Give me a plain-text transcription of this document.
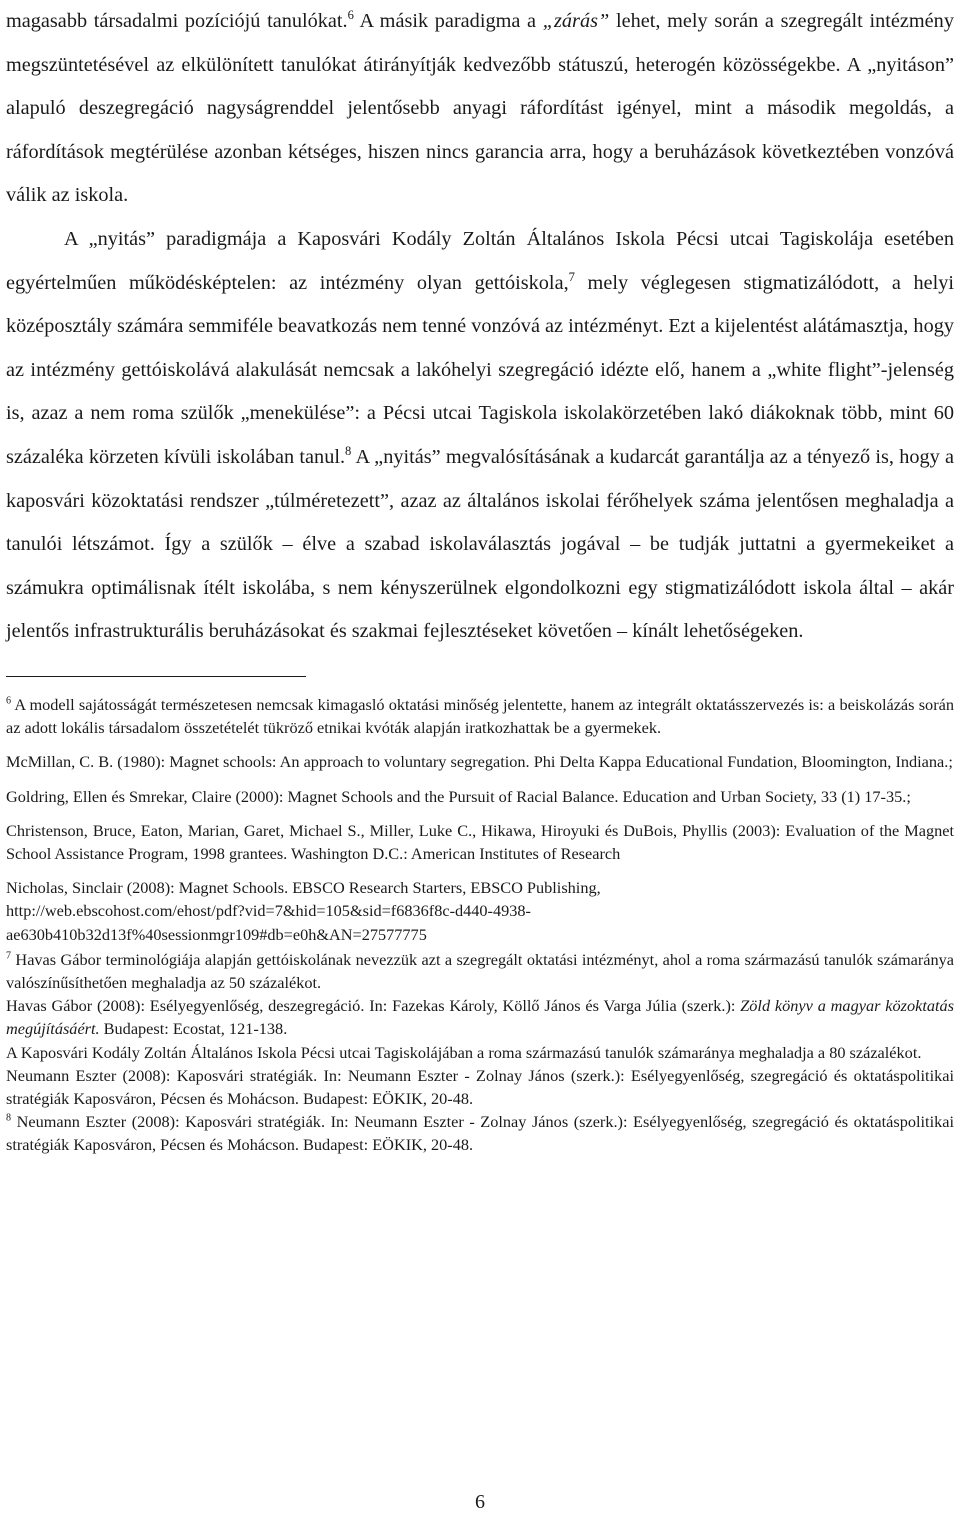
magasabb társadalmi pozíciójú tanulókat.$^6$ A másik paradigma a „zárás” lehet, mely során a szegregált intézmény megszüntetésével az elkülönített tanulókat átirányítják kedvezőbb státuszú, heterogén közösségekbe. A „nyitáson” alapuló deszegregáció nagyságrenddel jelentősebb anyagi ráfordítást igényel, mint a második megoldás, a ráfordítások megtérülése azonban kétséges, hiszen nincs garancia arra, hogy a beruházások következtében vonzóvá válik az iskola.

A „nyitás” paradigmája a Kaposvári Kodály Zoltán Általános Iskola Pécsi utcai Tagiskolája esetében egyértelműen működésképtelen: az intézmény olyan gettóiskola,$^7$ mely véglegesen stigmatizálódott, a helyi középosztály számára semmiféle beavatkozás nem tenné vonzóvá az intézményt. Ezt a kijelentést alátámasztja, hogy az intézmény gettóiskolává alakulását nemcsak a lakóhelyi szegregáció idézte elő, hanem a „white flight”-jelenség is, azaz a nem roma szülők „menekülése”: a Pécsi utcai Tagiskola iskolakörzetében lakó diákoknak több, mint 60 százaléka körzeten kívüli iskolában tanul.$^8$ A „nyitás” megvalósításának a kudarcát garantálja az a tényező is, hogy a kaposvári közoktatási rendszer „túlméretezett”, azaz az általános iskolai férőhelyek száma jelentősen meghaladja a tanulói létszámot. Így a szülők – élve a szabad iskolaválasztás jogával – be tudják juttatni a gyermekeiket a számukra optimálisnak ítélt iskolába, s nem kényszerülnek elgondolkozni egy stigmatizálódott iskola által – akár jelentős infrastrukturális beruházásokat és szakmai fejlesztéseket követően – kínált lehetőségeken.

$^6$ A modell sajátosságát természetesen nemcsak kimagasló oktatási minőség jelentette, hanem az integrált oktatásszervezés is: a beiskolázás során az adott lokális társadalom összetételét tükröző etnikai kvóták alapján iratkozhattak be a gyermekek.

McMillan, C. B. (1980): Magnet schools: An approach to voluntary segregation. Phi Delta Kappa Educational Fundation, Bloomington, Indiana.;

Goldring, Ellen és Smrekar, Claire (2000): Magnet Schools and the Pursuit of Racial Balance. Education and Urban Society, 33 (1) 17-35.;

Christenson, Bruce, Eaton, Marian, Garet, Michael S., Miller, Luke C., Hikawa, Hiroyuki és DuBois, Phyllis (2003): Evaluation of the Magnet School Assistance Program, 1998 grantees. Washington D.C.: American Institutes of Research

Nicholas, Sinclair (2008): Magnet Schools. EBSCO Research Starters, EBSCO Publishing,
http://web.ebscohost.com/ehost/pdf?vid=7&hid=105&sid=f6836f8c-d440-4938-
ae630b410b32d13f%40sessionmgr109#db=e0h&AN=27577775

$^7$ Havas Gábor terminológiája alapján gettóiskolának nevezzük azt a szegregált oktatási intézményt, ahol a roma származású tanulók számaránya valószínűsíthetően meghaladja az 50 százalékot.

Havas Gábor (2008): Esélyegyenlőség, deszegregáció. In: Fazekas Károly, Köllő János és Varga Júlia (szerk.): Zöld könyv a magyar közoktatás megújításáért. Budapest: Ecostat, 121-138.

A Kaposvári Kodály Zoltán Általános Iskola Pécsi utcai Tagiskolájában a roma származású tanulók számaránya meghaladja a 80 százalékot.

Neumann Eszter (2008): Kaposvári stratégiák. In: Neumann Eszter - Zolnay János (szerk.): Esélyegyenlőség, szegregáció és oktatáspolitikai stratégiák Kaposváron, Pécsen és Mohácson. Budapest: EÖKIK, 20-48.

$^8$ Neumann Eszter (2008): Kaposvári stratégiák. In: Neumann Eszter - Zolnay János (szerk.): Esélyegyenlőség, szegregáció és oktatáspolitikai stratégiák Kaposváron, Pécsen és Mohácson. Budapest: EÖKIK, 20-48.

6
